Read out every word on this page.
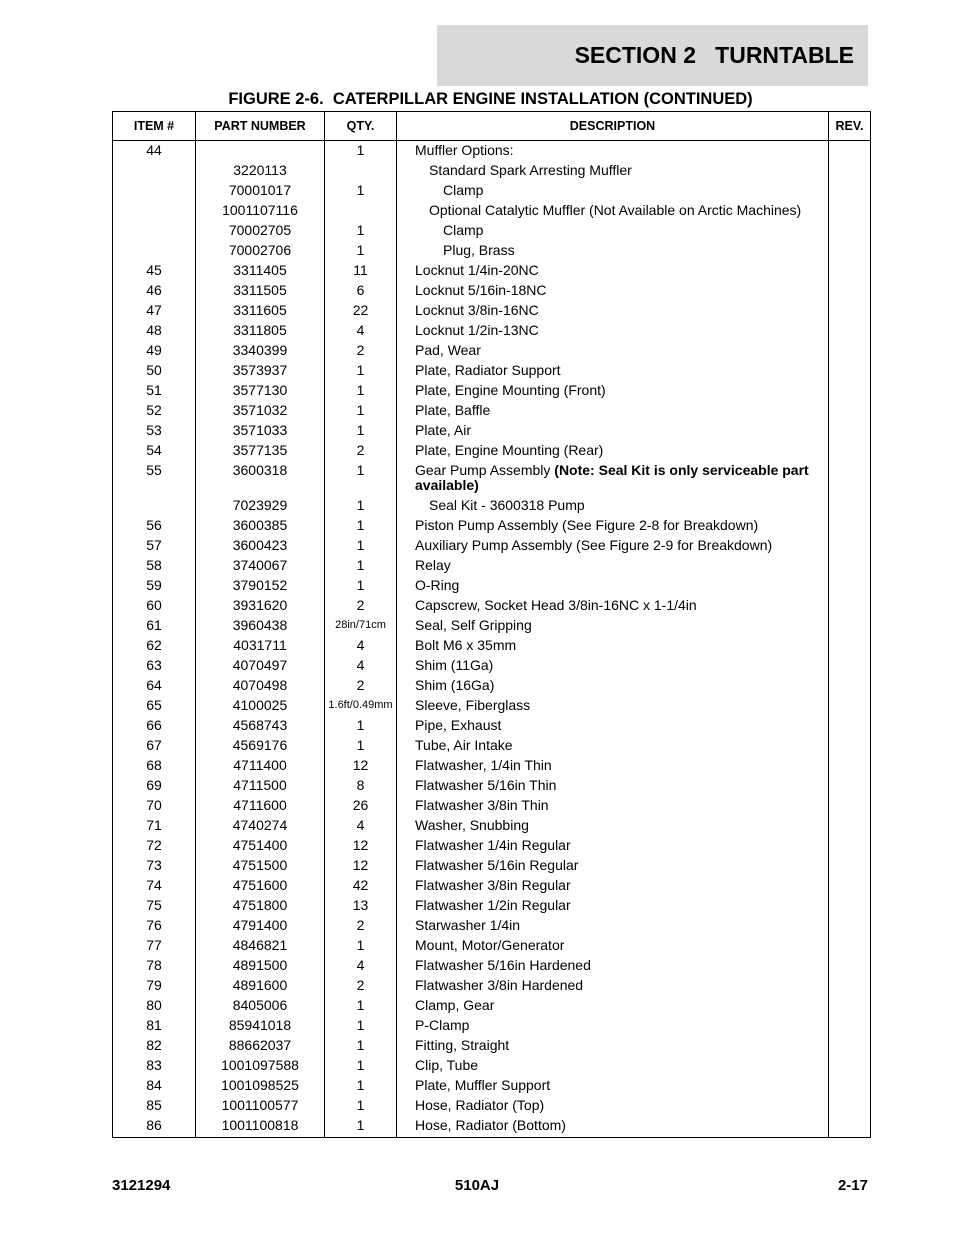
SECTION 2   TURNTABLE
FIGURE 2-6.  CATERPILLAR ENGINE INSTALLATION (CONTINUED)
ITEM #	PART NUMBER	QTY.	DESCRIPTION	REV.
44		1	Muffler Options:	
	3220113		Standard Spark Arresting Muffler	
	70001017	1	Clamp	
	1001107116		Optional Catalytic Muffler (Not Available on Arctic Machines)	
	70002705	1	Clamp	
	70002706	1	Plug, Brass	
45	3311405	11	Locknut 1/4in-20NC	
46	3311505	6	Locknut 5/16in-18NC	
47	3311605	22	Locknut 3/8in-16NC	
48	3311805	4	Locknut 1/2in-13NC	
49	3340399	2	Pad, Wear	
50	3573937	1	Plate, Radiator Support	
51	3577130	1	Plate, Engine Mounting (Front)	
52	3571032	1	Plate, Baffle	
53	3571033	1	Plate, Air	
54	3577135	2	Plate, Engine Mounting (Rear)	
55	3600318	1	Gear Pump Assembly (Note: Seal Kit is only serviceable part available)	
	7023929	1	Seal Kit - 3600318 Pump	
56	3600385	1	Piston Pump Assembly (See Figure 2-8 for Breakdown)	
57	3600423	1	Auxiliary Pump Assembly (See Figure 2-9 for Breakdown)	
58	3740067	1	Relay	
59	3790152	1	O-Ring	
60	3931620	2	Capscrew, Socket Head 3/8in-16NC x 1-1/4in	
61	3960438	28in/71cm	Seal, Self Gripping	
62	4031711	4	Bolt M6 x 35mm	
63	4070497	4	Shim (11Ga)	
64	4070498	2	Shim (16Ga)	
65	4100025	1.6ft/0.49mm	Sleeve, Fiberglass	
66	4568743	1	Pipe, Exhaust	
67	4569176	1	Tube, Air Intake	
68	4711400	12	Flatwasher, 1/4in Thin	
69	4711500	8	Flatwasher 5/16in Thin	
70	4711600	26	Flatwasher 3/8in Thin	
71	4740274	4	Washer, Snubbing	
72	4751400	12	Flatwasher 1/4in Regular	
73	4751500	12	Flatwasher 5/16in Regular	
74	4751600	42	Flatwasher 3/8in Regular	
75	4751800	13	Flatwasher 1/2in Regular	
76	4791400	2	Starwasher 1/4in	
77	4846821	1	Mount, Motor/Generator	
78	4891500	4	Flatwasher 5/16in Hardened	
79	4891600	2	Flatwasher 3/8in Hardened	
80	8405006	1	Clamp, Gear	
81	85941018	1	P-Clamp	
82	88662037	1	Fitting, Straight	
83	1001097588	1	Clip, Tube	
84	1001098525	1	Plate, Muffler Support	
85	1001100577	1	Hose, Radiator (Top)	
86	1001100818	1	Hose, Radiator (Bottom)	
3121294	510AJ	2-17
